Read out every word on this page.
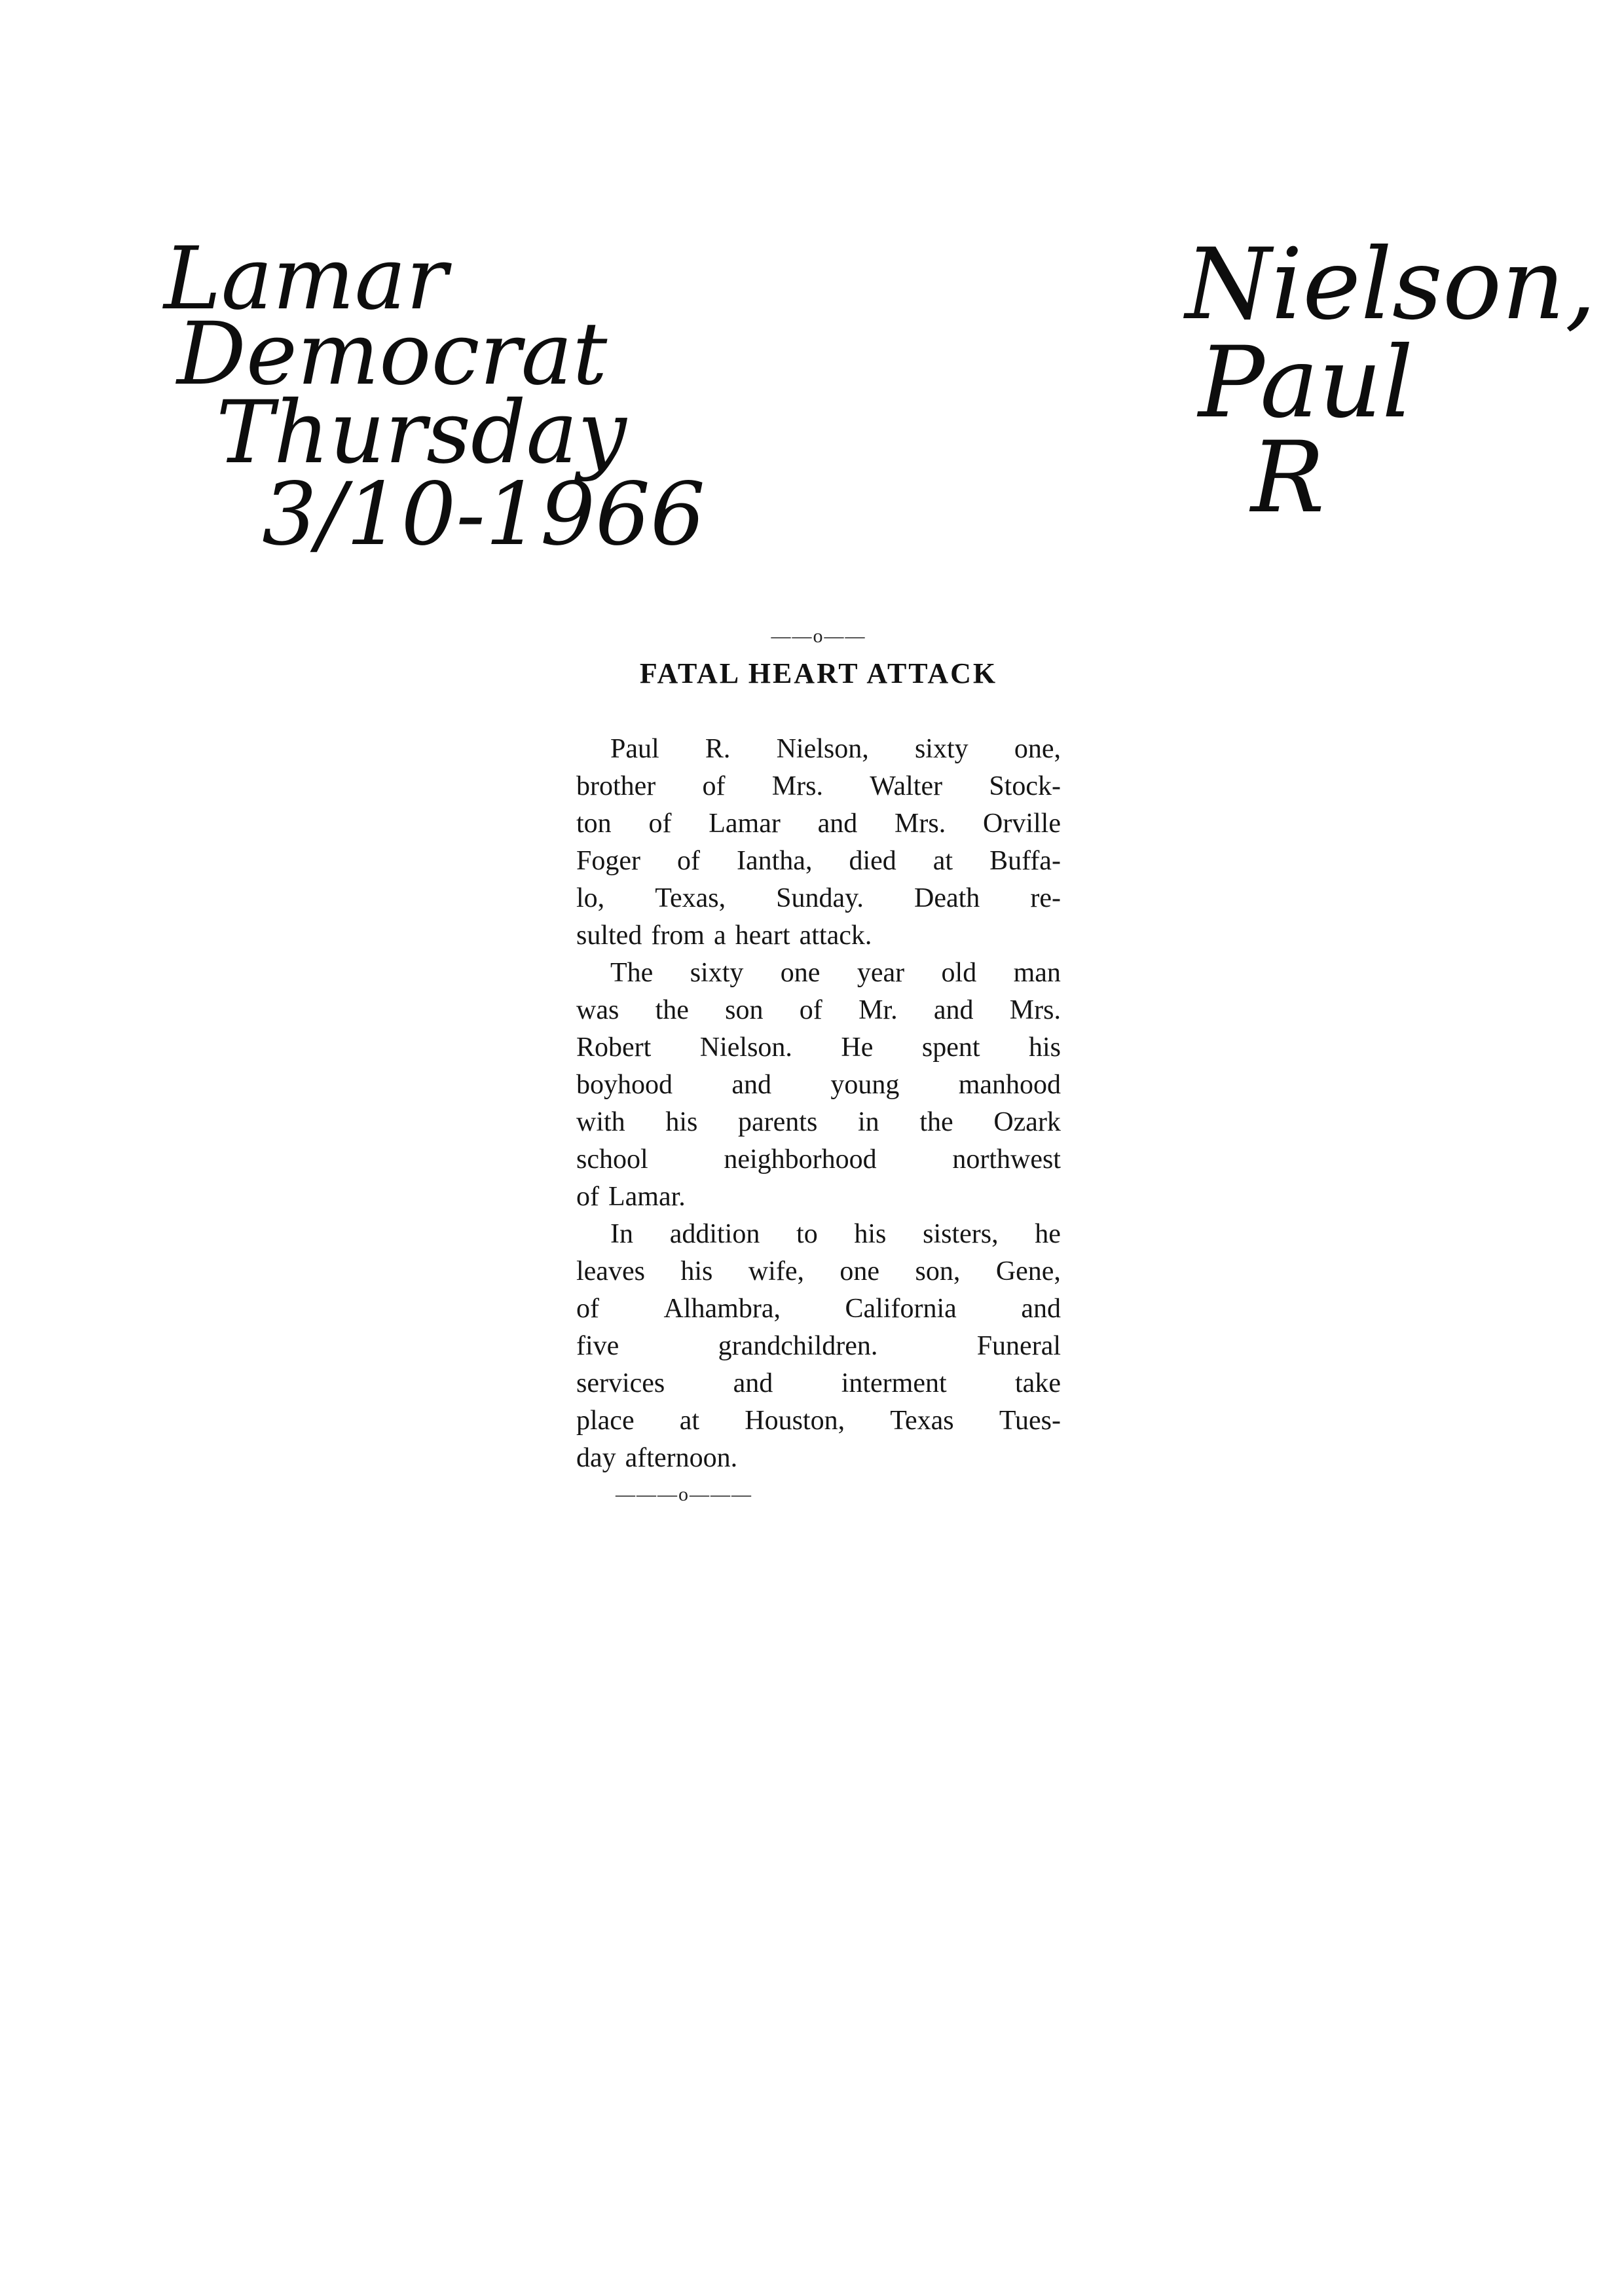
Lamar

Democrat

Thursday

3/10-1966

Nielson,

Paul

R

——o——
FATAL HEART ATTACK
Paul R. Nielson, sixty one,
brother of Mrs. Walter Stock-
ton of Lamar and Mrs. Orville
Foger of Iantha, died at Buffa-
lo, Texas, Sunday. Death re-
sulted from a heart attack.
The sixty one year old man
was the son of Mr. and Mrs.
Robert Nielson. He spent his
boyhood and young manhood
with his parents in the Ozark
school	neighborhood	northwest
of Lamar.
In addition to his sisters, he
leaves his wife, one son, Gene,
of Alhambra, California and
five	grandchildren.	Funeral
services and interment take
place at Houston, Texas Tues-
day afternoon.
———o———
